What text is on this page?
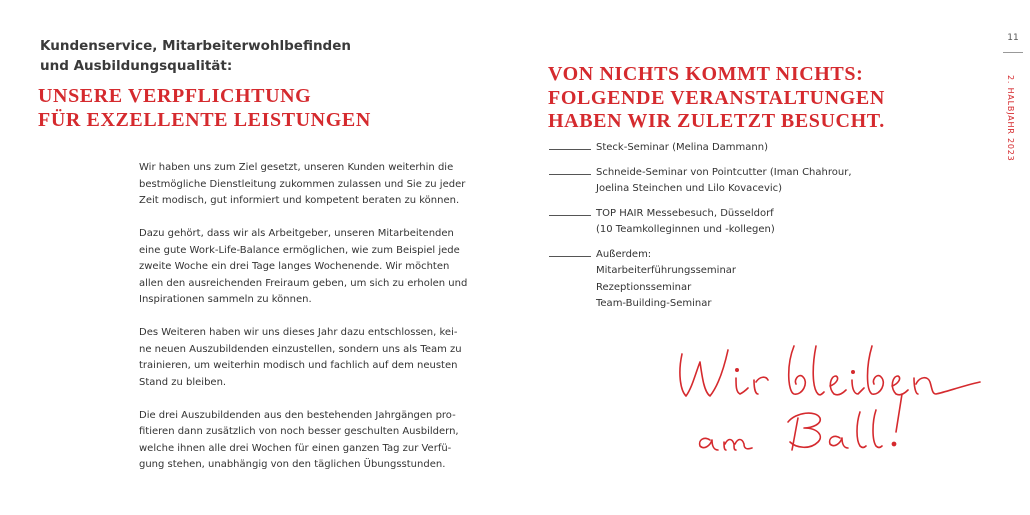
Kundenservice, Mitarbeiterwohlbefinden
und Ausbildungsqualität:
UNSERE VERPFLICHTUNG
FÜR EXZELLENTE LEISTUNGEN

Wir haben uns zum Ziel gesetzt, unseren Kunden weiterhin die
bestmögliche Dienstleitung zukommen zulassen und Sie zu jeder
Zeit modisch, gut informiert und kompetent beraten zu können.

Dazu gehört, dass wir als Arbeitgeber, unseren Mitarbeitenden
eine gute Work-Life-Balance ermöglichen, wie zum Beispiel jede
zweite Woche ein drei Tage langes Wochenende. Wir möchten
allen den ausreichenden Freiraum geben, um sich zu erholen und
Inspirationen sammeln zu können.

Des Weiteren haben wir uns dieses Jahr dazu entschlossen, kei-
ne neuen Auszubildenden einzustellen, sondern uns als Team zu
trainieren, um weiterhin modisch und fachlich auf dem neusten
Stand zu bleiben.

Die drei Auszubildenden aus den bestehenden Jahrgängen pro-
fitieren dann zusätzlich von noch besser geschulten Ausbildern,
welche ihnen alle drei Wochen für einen ganzen Tag zur Verfü-
gung stehen, unabhängig von den täglichen Übungsstunden.

VON NICHTS KOMMT NICHTS:
FOLGENDE VERANSTALTUNGEN
HABEN WIR ZULETZT BESUCHT.
Steck-Seminar (Melina Dammann)
Schneide-Seminar von Pointcutter (Iman Chahrour,
Joelina Steinchen und Lilo Kovacevic)
TOP HAIR Messebesuch, Düsseldorf
(10 Teamkolleginnen und -kollegen)
Außerdem:
Mitarbeiterführungsseminar
Rezeptionsseminar
Team-Building-Seminar
11
2. HALBJAHR 2023
